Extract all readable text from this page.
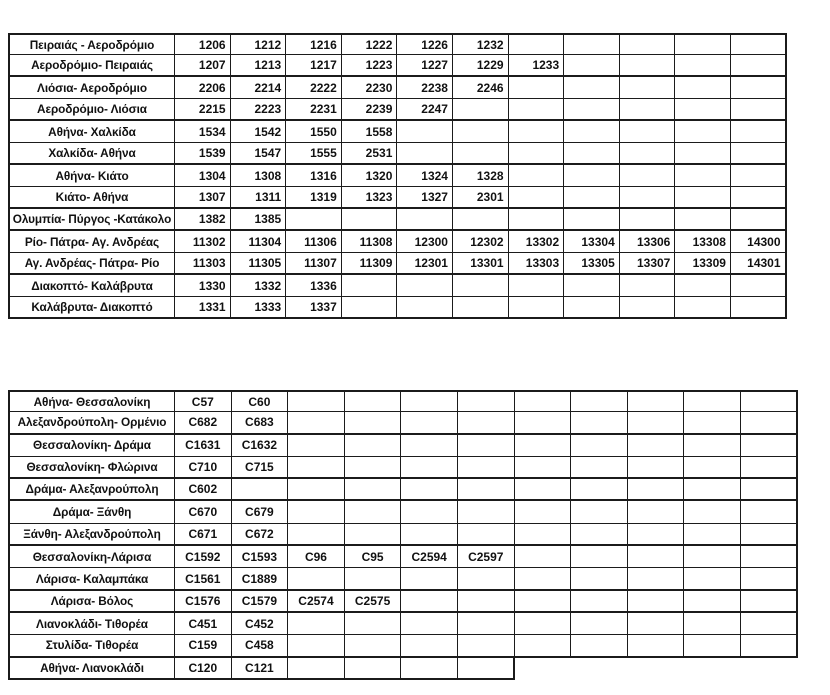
Πειραιάς - Αεροδρόμιο	1206	1212	1216	1222	1226	1232
Αεροδρόμιο- Πειραιάς	1207	1213	1217	1223	1227	1229	1233
Λιόσια- Αεροδρόμιο	2206	2214	2222	2230	2238	2246
Αεροδρόμιο- Λιόσια	2215	2223	2231	2239	2247
Αθήνα- Χαλκίδα	1534	1542	1550	1558
Χαλκίδα- Αθήνα	1539	1547	1555	2531
Αθήνα- Κιάτο	1304	1308	1316	1320	1324	1328
Κιάτο- Αθήνα	1307	1311	1319	1323	1327	2301
Ολυμπία- Πύργος -Κατάκολο	1382	1385
Ρίο- Πάτρα- Αγ. Ανδρέας	11302	11304	11306	11308	12300	12302	13302	13304	13306	13308	14300
Αγ. Ανδρέας- Πάτρα- Ρίο	11303	11305	11307	11309	12301	13301	13303	13305	13307	13309	14301
Διακοπτό- Καλάβρυτα	1330	1332	1336
Καλάβρυτα- Διακοπτό	1331	1333	1337
Αθήνα- Θεσσαλονίκη	C57	C60
Αλεξανδρούπολη- Ορμένιο	C682	C683
Θεσσαλονίκη- Δράμα	C1631	C1632
Θεσσαλονίκη- Φλώρινα	C710	C715
Δράμα- Αλεξανρούπολη	C602
Δράμα- Ξάνθη	C670	C679
Ξάνθη- Αλεξανδρούπολη	C671	C672
Θεσσαλονίκη-Λάρισα	C1592	C1593	C96	C95	C2594	C2597
Λάρισα- Καλαμπάκα	C1561	C1889
Λάρισα- Βόλος	C1576	C1579	C2574	C2575
Λιανοκλάδι- Τιθορέα	C451	C452
Στυλίδα- Τιθορέα	C159	C458
Αθήνα- Λιανοκλάδι	C120	C121
